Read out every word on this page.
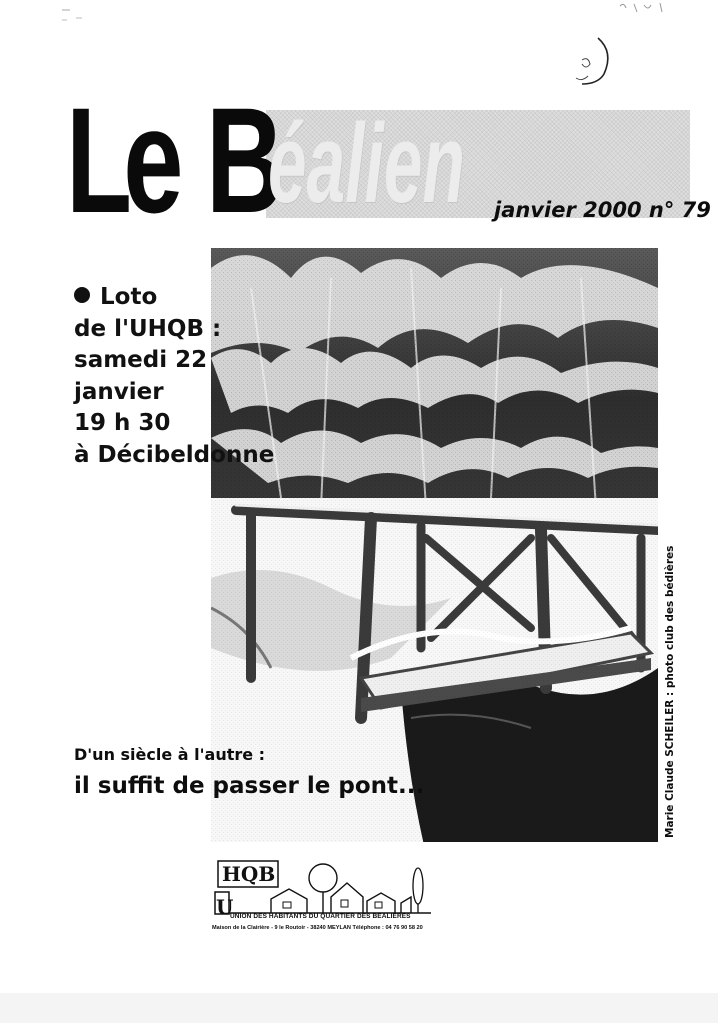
Le B
éalien janvier 2000 n° 79
Loto
de l'UHQB :
samedi 22
janvier
19 h 30
à Décibeldonne
D'un siècle à l'autre :
il suffit de passer le pont...	Marie Claude SCHEILER : photo club des bédières
HQB
U
UNION DES HABITANTS DU QUARTIER DES BEALIERES
Maison de la Clairière - 9 le Routoir - 38240 MEYLAN Téléphone : 04 76 90 58 20
